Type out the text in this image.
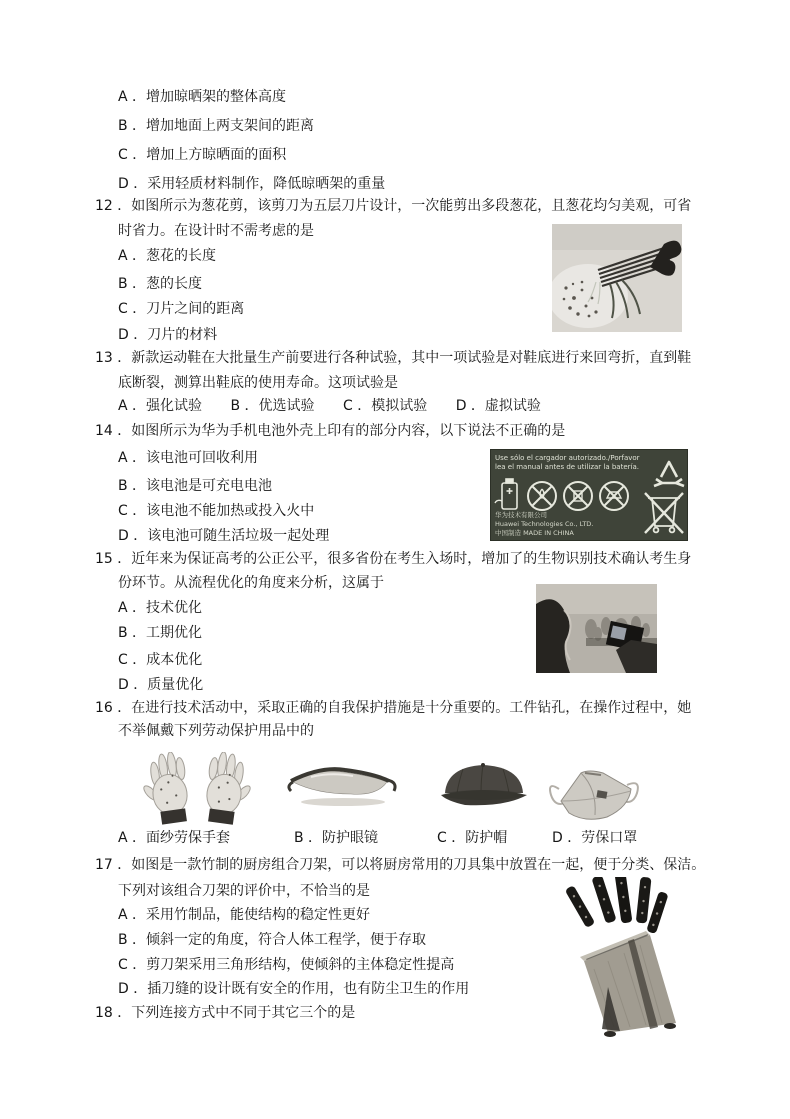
A ．增加晾晒架的整体高度
B ．增加地面上两支架间的距离
C ．增加上方晾晒面的面积
D ．采用轻质材料制作，降低晾晒架的重量
12 ．如图所示为葱花剪，该剪刀为五层刀片设计，一次能剪出多段葱花，且葱花均匀美观，可省
时省力。在设计时不需考虑的是
A ．葱花的长度
B ．葱的长度
C ．刀片之间的距离
D ．刀片的材料
13 ．新款运动鞋在大批量生产前要进行各种试验，其中一项试验是对鞋底进行来回弯折，直到鞋
底断裂，测算出鞋底的使用寿命。这项试验是
A ．强化试验 B ．优选试验 C ．模拟试验 D ．虚拟试验
14 ．如图所示为华为手机电池外壳上印有的部分内容，以下说法不正确的是
A ．该电池可回收利用
B ．该电池是可充电电池
C ．该电池不能加热或投入火中
D ．该电池可随生活垃圾一起处理
Use sólo el cargador autorizado./Porfavor
lea el manual antes de utilizar la batería.
华为技术有限公司
Huawei Technologies Co., LTD.
中国制造 MADE IN CHINA
15 ．近年来为保证高考的公正公平，很多省份在考生入场时，增加了的生物识别技术确认考生身
份环节。从流程优化的角度来分析，这属于
A ．技术优化
B ．工期优化
C ．成本优化
D ．质量优化
16 ．在进行技术活动中，采取正确的自我保护措施是十分重要的。工件钻孔，在操作过程中，她
不举佩戴下列劳动保护用品中的
A ．面纱劳保手套	B ．防护眼镜	C ．防护帽	D ．劳保口罩
17 ．如图是一款竹制的厨房组合刀架，可以将厨房常用的刀具集中放置在一起，便于分类、保洁。
下列对该组合刀架的评价中，不恰当的是
A ．采用竹制品，能使结构的稳定性更好
B ．倾斜一定的角度，符合人体工程学，便于存取
C ．剪刀架采用三角形结构，使倾斜的主体稳定性提高
D ．插刀缝的设计既有安全的作用，也有防尘卫生的作用
18 ．下列连接方式中不同于其它三个的是
